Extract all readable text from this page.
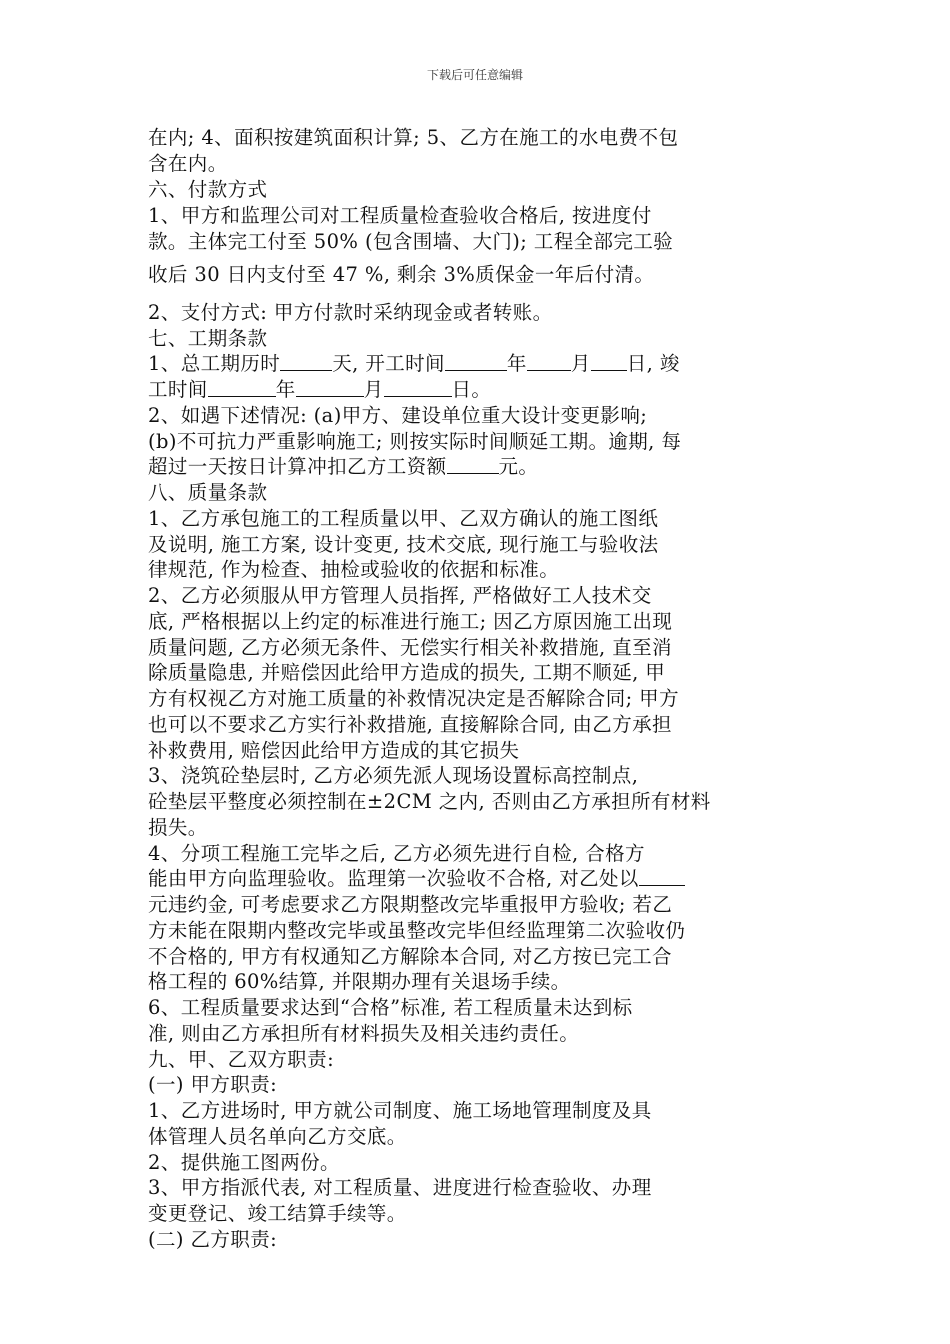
下载后可任意编辑
在内; 4、面积按建筑面积计算; 5、乙方在施工的水电费不包
含在内。
六、付款方式
1、甲方和监理公司对工程质量检查验收合格后, 按进度付
款。主体完工付至 50% (包含围墙、大门); 工程全部完工验
收后 30 日内支付至 47 %, 剩余 3%质保金一年后付清。
2、支付方式: 甲方付款时采纳现金或者转账。
七、工期条款
1、总工期历时	天, 开工时间	年 月 日, 竣
工时间	年	月	日。
2、如遇下述情况: (a)甲方、建设单位重大设计变更影响;
(b)不可抗力严重影响施工; 则按实际时间顺延工期。逾期, 每
超过一天按日计算冲扣乙方工资额	元。
八、质量条款
1、乙方承包施工的工程质量以甲、乙双方确认的施工图纸
及说明, 施工方案, 设计变更, 技术交底, 现行施工与验收法
律规范, 作为检查、抽检或验收的依据和标准。
2、乙方必须服从甲方管理人员指挥, 严格做好工人技术交
底, 严格根据以上约定的标准进行施工; 因乙方原因施工出现
质量问题, 乙方必须无条件、无偿实行相关补救措施, 直至消
除质量隐患, 并赔偿因此给甲方造成的损失, 工期不顺延, 甲
方有权视乙方对施工质量的补救情况决定是否解除合同; 甲方
也可以不要求乙方实行补救措施, 直接解除合同, 由乙方承担
补救费用, 赔偿因此给甲方造成的其它损失
3、浇筑砼垫层时, 乙方必须先派人现场设置标高控制点,
砼垫层平整度必须控制在±2CM 之内, 否则由乙方承担所有材料
损失。
4、分项工程施工完毕之后, 乙方必须先进行自检, 合格方
能由甲方向监理验收。监理第一次验收不合格, 对乙处以
元违约金, 可考虑要求乙方限期整改完毕重报甲方验收; 若乙
方未能在限期内整改完毕或虽整改完毕但经监理第二次验收仍
不合格的, 甲方有权通知乙方解除本合同, 对乙方按已完工合
格工程的 60%结算, 并限期办理有关退场手续。
6、工程质量要求达到“合格”标准, 若工程质量未达到标
准, 则由乙方承担所有材料损失及相关违约责任。
九、甲、乙双方职责:
(一) 甲方职责:
1、乙方进场时, 甲方就公司制度、施工场地管理制度及具
体管理人员名单向乙方交底。
2、提供施工图两份。
3、甲方指派代表, 对工程质量、进度进行检查验收、办理
变更登记、竣工结算手续等。
(二) 乙方职责:
